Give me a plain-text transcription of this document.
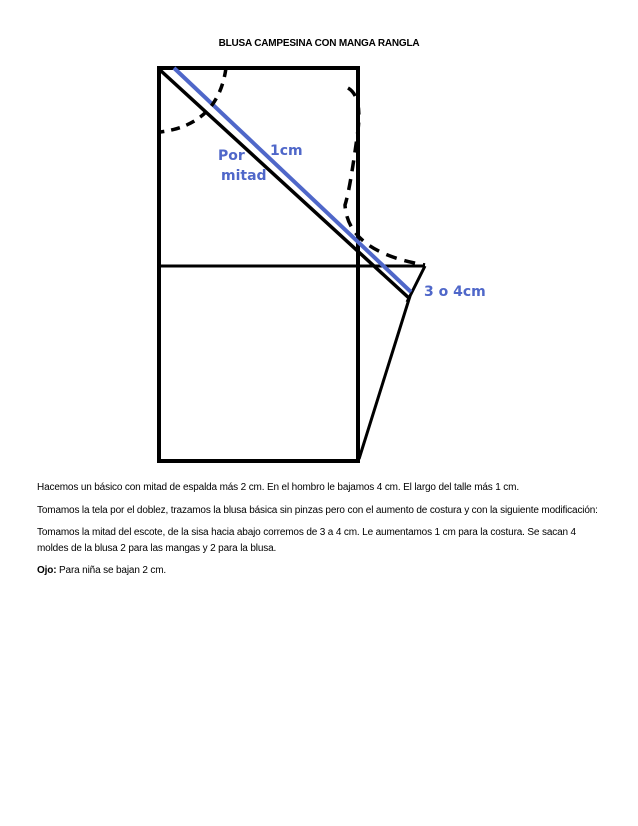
BLUSA CAMPESINA CON MANGA RANGLA
Por
mitad
1cm
3 o 4cm

Hacemos un básico con mitad de espalda más 2 cm. En el hombro le bajamos 4 cm. El largo del talle más 1 cm.

Tomamos la tela por el doblez, trazamos la blusa básica sin pinzas pero con el aumento de costura y con la siguiente modificación:

Tomamos la mitad del escote, de la sisa hacia abajo corremos de 3 a 4 cm. Le aumentamos 1 cm para la costura. Se sacan 4 moldes de la blusa 2 para las mangas y 2 para la blusa.

Ojo: Para niña se bajan 2 cm.
